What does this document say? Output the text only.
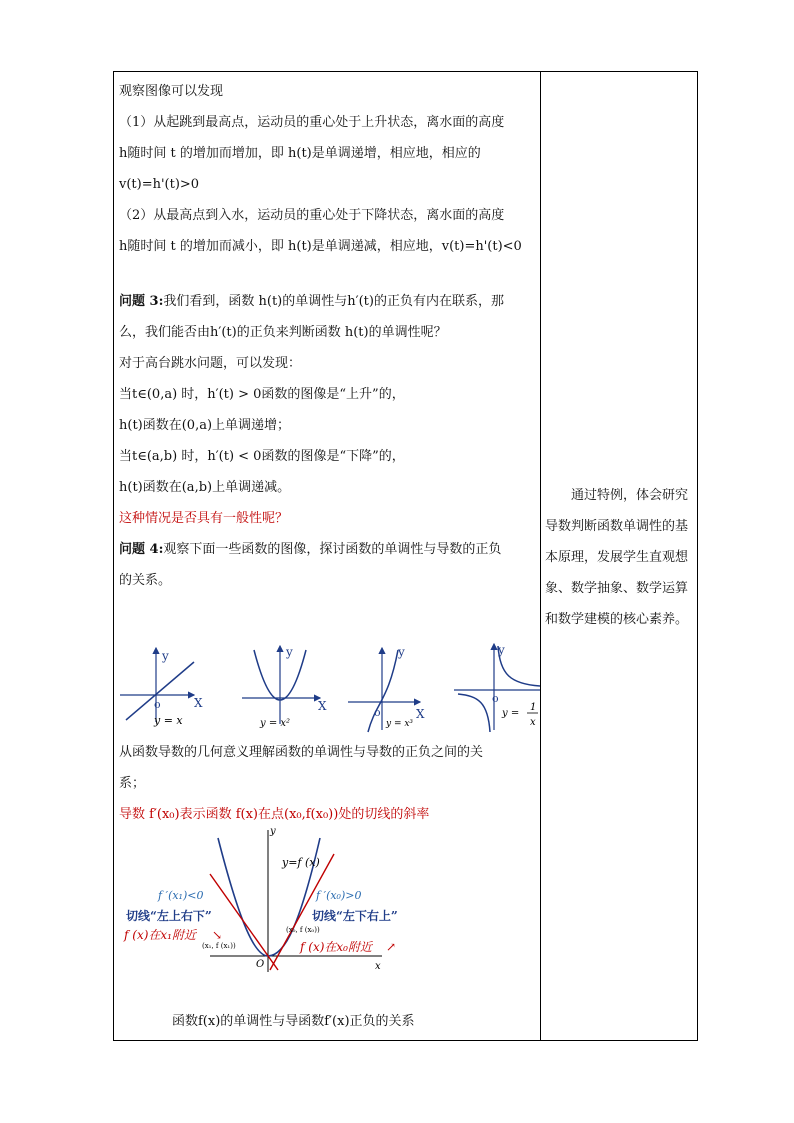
观察图像可以发现
（1）从起跳到最高点，运动员的重心处于上升状态，离水面的高度
h随时间 t 的增加而增加，即 h(t)是单调递增，相应地，相应的
v(t)=h'(t)>0
（2）从最高点到入水，运动员的重心处于下降状态，离水面的高度
h随时间 t 的增加而减小，即 h(t)是单调递减，相应地，v(t)=h'(t)<0
问题 3:我们看到，函数 h(t)的单调性与h′(t)的正负有内在联系，那
么，我们能否由h′(t)的正负来判断函数 h(t)的单调性呢？
对于高台跳水问题，可以发现：
当t∈(0,a) 时，h′(t) > 0函数的图像是“上升”的，
h(t)函数在(0,a)上单调递增；
当t∈(a,b) 时，h′(t) < 0函数的图像是“下降”的，
h(t)函数在(a,b)上单调递减。
这种情况是否具有一般性呢？
问题 4:观察下面一些函数的图像，探讨函数的单调性与导数的正负
的关系。
y
X
o
y = x
y
X
y = x²
y
X
o
y = x³
y
o
y =
1
x
从函数导数的几何意义理解函数的单调性与导数的正负之间的关
系；
导数 f′(x₀)表示函数 f(x)在点(x₀,f(x₀))处的切线的斜率
y
x
O
y=f (x)
f ′(x₁)<0	f ′(x₀)>0
切线“左上右下”	切线“左下右上”
f (x)在x₁附近 ↘
f (x)在x₀附近 ↗
(x₁, f (x₁))
(x₀, f (x₀))
函数f(x)的单调性与导函数f′(x)正负的关系

通过特例，体会研究导数判断函数单调性的基本原理，发展学生直观想象、数学抽象、数学运算和数学建模的核心素养。
